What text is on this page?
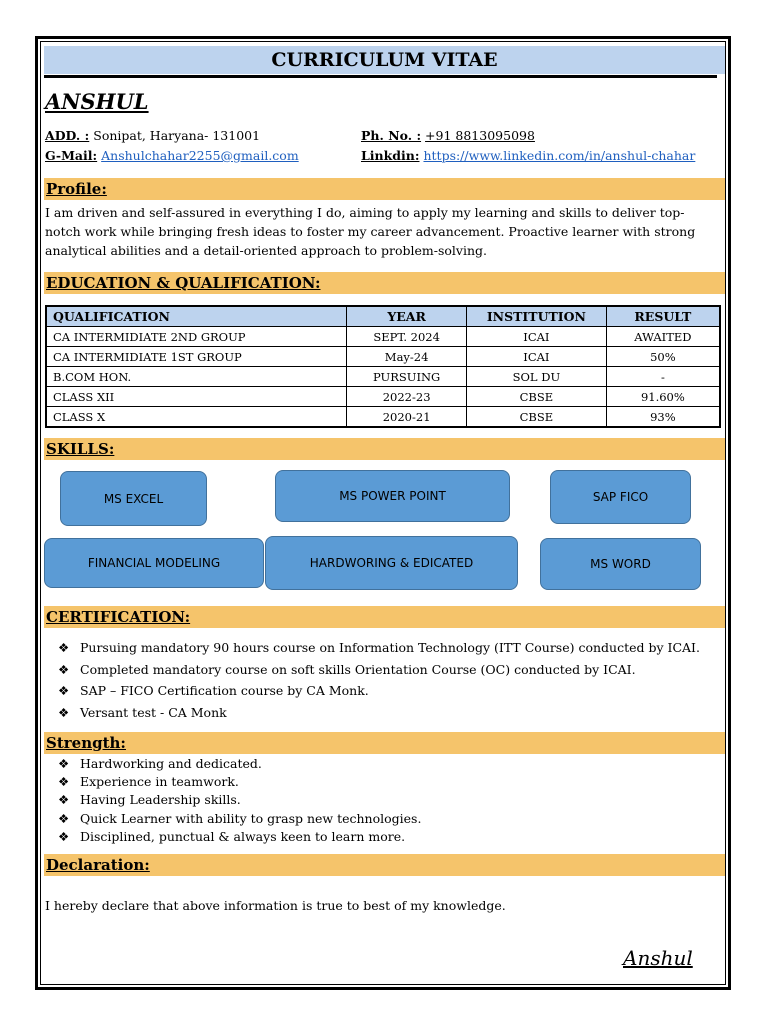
CURRICULUM VITAE
ANSHUL
ADD. : Sonipat, Haryana- 131001	Ph. No. : +91 8813095098
G-Mail: Anshulchahar2255@gmail.com	Linkdin: https://www.linkedin.com/in/anshul-chahar
Profile:
I am driven and self-assured in everything I do, aiming to apply my learning and skills to deliver top-notch work while bringing fresh ideas to foster my career advancement. Proactive learner with strong analytical abilities and a detail-oriented approach to problem-solving.
EDUCATION & QUALIFICATION:
QUALIFICATION	YEAR	INSTITUTION	RESULT
CA INTERMIDIATE 2ND GROUP	SEPT. 2024	ICAI	AWAITED
CA INTERMIDIATE 1ST GROUP	May-24	ICAI	50%
B.COM HON.	PURSUING	SOL DU	-
CLASS XII	2022-23	CBSE	91.60%
CLASS X	2020-21	CBSE	93%
SKILLS:
MS EXCEL	MS POWER POINT	SAP FICO
FINANCIAL MODELING	HARDWORING & EDICATED	MS WORD
CERTIFICATION:
❖ Pursuing mandatory 90 hours course on Information Technology (ITT Course) conducted by ICAI.
❖ Completed mandatory course on soft skills Orientation Course (OC) conducted by ICAI.
❖ SAP – FICO Certification course by CA Monk.
❖ Versant test - CA Monk
Strength:
❖ Hardworking and dedicated.
❖ Experience in teamwork.
❖ Having Leadership skills.
❖ Quick Learner with ability to grasp new technologies.
❖ Disciplined, punctual & always keen to learn more.
Declaration:
I hereby declare that above information is true to best of my knowledge.
Anshul
